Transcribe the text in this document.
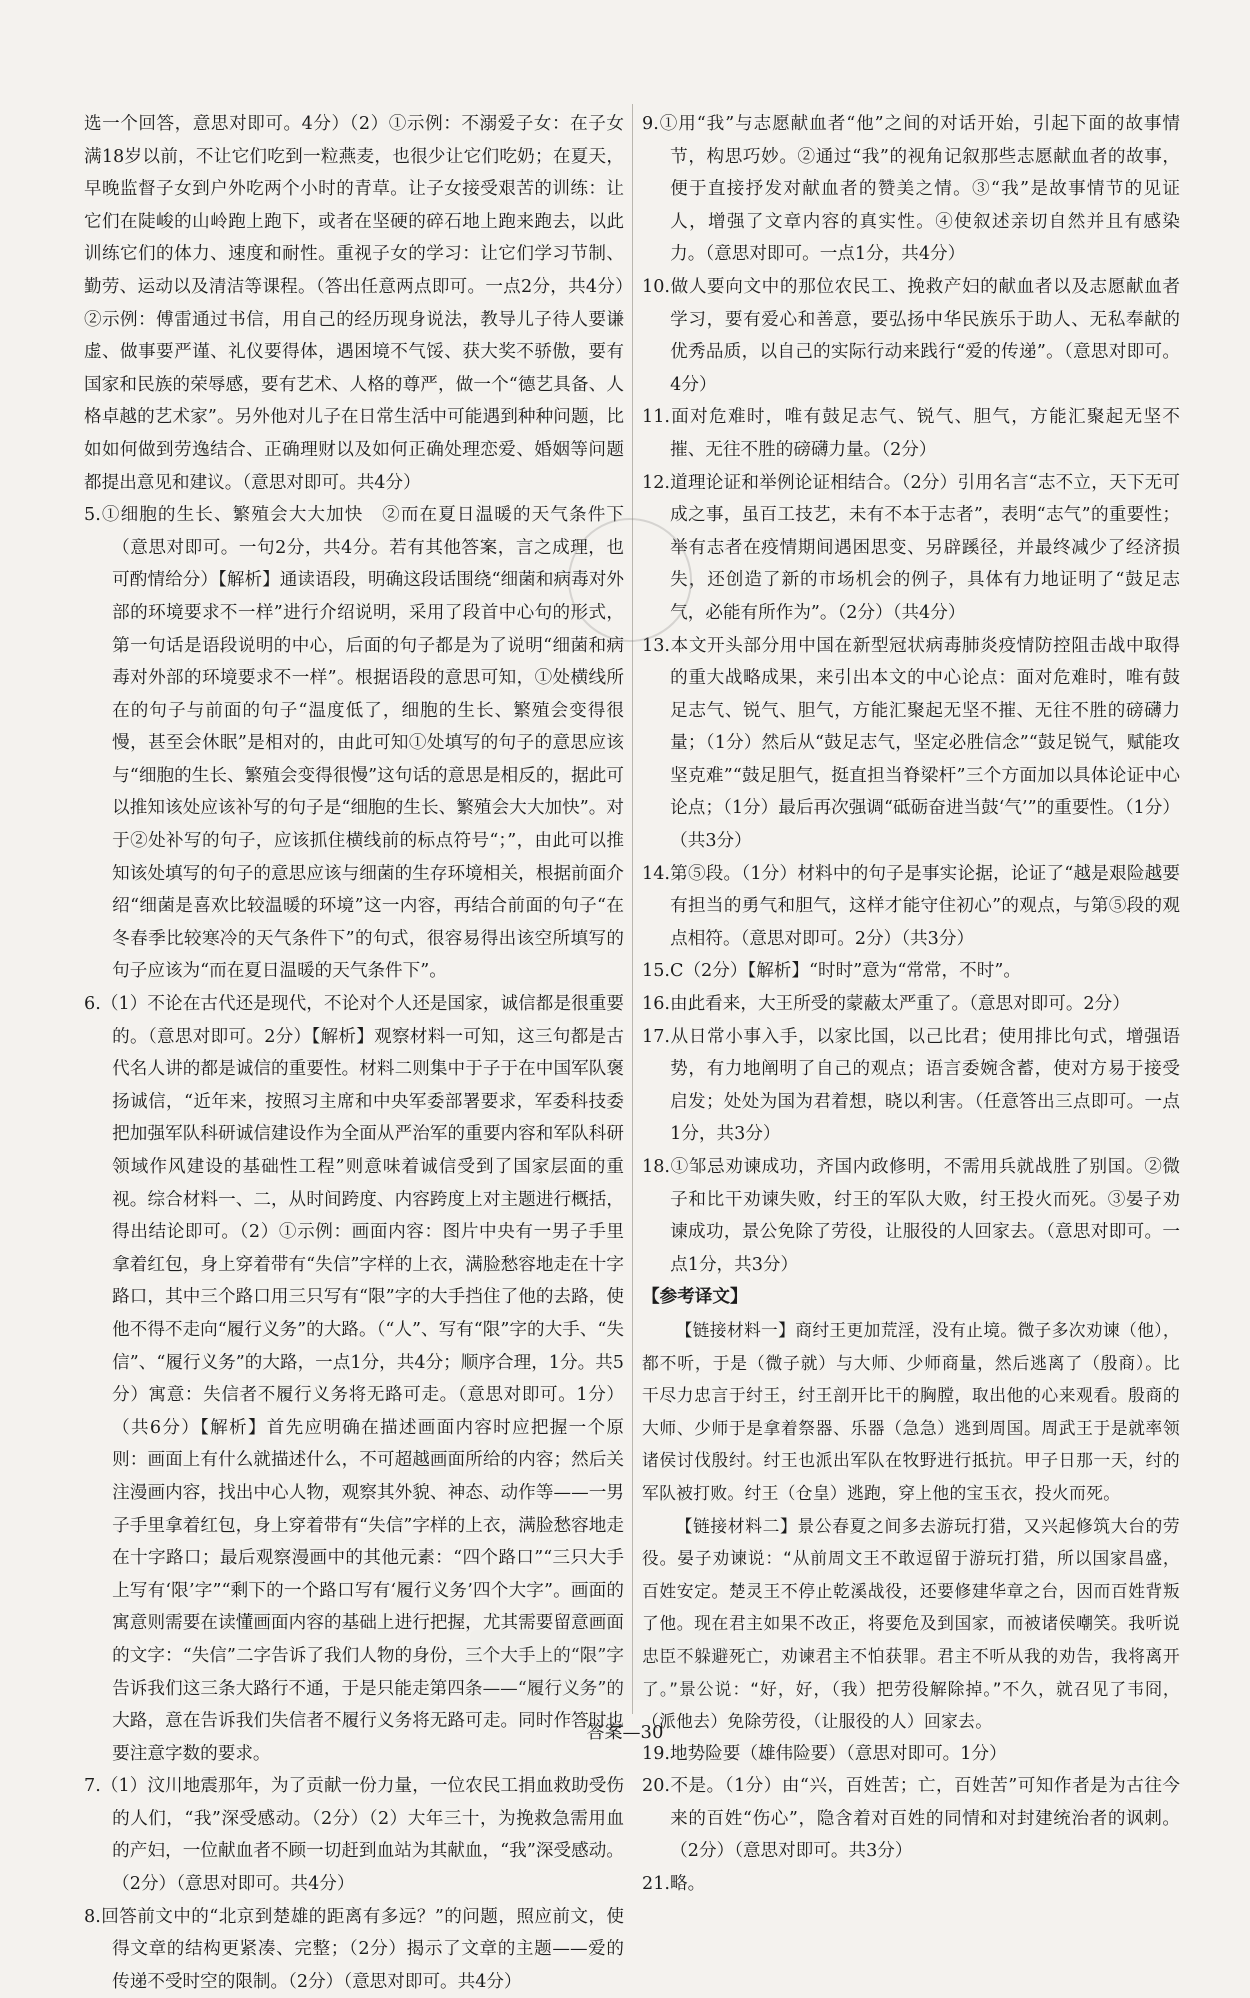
选一个回答，意思对即可。4分）（2）①示例：不溺爱子女：在子女满18岁以前，不让它们吃到一粒燕麦，也很少让它们吃奶；在夏天，早晚监督子女到户外吃两个小时的青草。让子女接受艰苦的训练：让它们在陡峻的山岭跑上跑下，或者在坚硬的碎石地上跑来跑去，以此训练它们的体力、速度和耐性。重视子女的学习：让它们学习节制、勤劳、运动以及清洁等课程。（答出任意两点即可。一点2分，共4分）②示例：傅雷通过书信，用自己的经历现身说法，教导儿子待人要谦虚、做事要严谨、礼仪要得体，遇困境不气馁、获大奖不骄傲，要有国家和民族的荣辱感，要有艺术、人格的尊严，做一个“德艺具备、人格卓越的艺术家”。另外他对儿子在日常生活中可能遇到种种问题，比如如何做到劳逸结合、正确理财以及如何正确处理恋爱、婚姻等问题都提出意见和建议。（意思对即可。共4分）

5.①细胞的生长、繁殖会大大加快　②而在夏日温暖的天气条件下（意思对即可。一句2分，共4分。若有其他答案，言之成理，也可酌情给分）【解析】通读语段，明确这段话围绕“细菌和病毒对外部的环境要求不一样”进行介绍说明，采用了段首中心句的形式，第一句话是语段说明的中心，后面的句子都是为了说明“细菌和病毒对外部的环境要求不一样”。根据语段的意思可知，①处横线所在的句子与前面的句子“温度低了，细胞的生长、繁殖会变得很慢，甚至会休眠”是相对的，由此可知①处填写的句子的意思应该与“细胞的生长、繁殖会变得很慢”这句话的意思是相反的，据此可以推知该处应该补写的句子是“细胞的生长、繁殖会大大加快”。对于②处补写的句子，应该抓住横线前的标点符号“；”，由此可以推知该处填写的句子的意思应该与细菌的生存环境相关，根据前面介绍“细菌是喜欢比较温暖的环境”这一内容，再结合前面的句子“在冬春季比较寒冷的天气条件下”的句式，很容易得出该空所填写的句子应该为“而在夏日温暖的天气条件下”。

6.（1）不论在古代还是现代，不论对个人还是国家，诚信都是很重要的。（意思对即可。2分）【解析】观察材料一可知，这三句都是古代名人讲的都是诚信的重要性。材料二则集中于子于在中国军队褒扬诚信，“近年来，按照习主席和中央军委部署要求，军委科技委把加强军队科研诚信建设作为全面从严治军的重要内容和军队科研领域作风建设的基础性工程”则意味着诚信受到了国家层面的重视。综合材料一、二，从时间跨度、内容跨度上对主题进行概括，得出结论即可。（2）①示例：画面内容：图片中央有一男子手里拿着红包，身上穿着带有“失信”字样的上衣，满脸愁容地走在十字路口，其中三个路口用三只写有“限”字的大手挡住了他的去路，使他不得不走向“履行义务”的大路。（“人”、写有“限”字的大手、“失信”、“履行义务”的大路，一点1分，共4分；顺序合理，1分。共5分）寓意：失信者不履行义务将无路可走。（意思对即可。1分）（共6分）【解析】首先应明确在描述画面内容时应把握一个原则：画面上有什么就描述什么，不可超越画面所给的内容；然后关注漫画内容，找出中心人物，观察其外貌、神态、动作等——一男子手里拿着红包，身上穿着带有“失信”字样的上衣，满脸愁容地走在十字路口；最后观察漫画中的其他元素：“四个路口”“三只大手上写有‘限’字”“剩下的一个路口写有‘履行义务’四个大字”。画面的寓意则需要在读懂画面内容的基础上进行把握，尤其需要留意画面的文字：“失信”二字告诉了我们人物的身份，三个大手上的“限”字告诉我们这三条大路行不通，于是只能走第四条——“履行义务”的大路，意在告诉我们失信者不履行义务将无路可走。同时作答时也要注意字数的要求。

7.（1）汶川地震那年，为了贡献一份力量，一位农民工捐血救助受伤的人们，“我”深受感动。（2分）（2）大年三十，为挽救急需用血的产妇，一位献血者不顾一切赶到血站为其献血，“我”深受感动。（2分）（意思对即可。共4分）

8.回答前文中的“北京到楚雄的距离有多远？”的问题，照应前文，使得文章的结构更紧凑、完整；（2分）揭示了文章的主题——爱的传递不受时空的限制。（2分）（意思对即可。共4分）

9.①用“我”与志愿献血者“他”之间的对话开始，引起下面的故事情节，构思巧妙。②通过“我”的视角记叙那些志愿献血者的故事，便于直接抒发对献血者的赞美之情。③“我”是故事情节的见证人，增强了文章内容的真实性。④使叙述亲切自然并且有感染力。（意思对即可。一点1分，共4分）

10.做人要向文中的那位农民工、挽救产妇的献血者以及志愿献血者学习，要有爱心和善意，要弘扬中华民族乐于助人、无私奉献的优秀品质，以自己的实际行动来践行“爱的传递”。（意思对即可。4分）

11.面对危难时，唯有鼓足志气、锐气、胆气，方能汇聚起无坚不摧、无往不胜的磅礴力量。（2分）

12.道理论证和举例论证相结合。（2分）引用名言“志不立，天下无可成之事，虽百工技艺，未有不本于志者”，表明“志气”的重要性；举有志者在疫情期间遇困思变、另辟蹊径，并最终减少了经济损失，还创造了新的市场机会的例子，具体有力地证明了“鼓足志气，必能有所作为”。（2分）（共4分）

13.本文开头部分用中国在新型冠状病毒肺炎疫情防控阻击战中取得的重大战略成果，来引出本文的中心论点：面对危难时，唯有鼓足志气、锐气、胆气，方能汇聚起无坚不摧、无往不胜的磅礴力量；（1分）然后从“鼓足志气，坚定必胜信念”“鼓足锐气，赋能攻坚克难”“鼓足胆气，挺直担当脊梁杆”三个方面加以具体论证中心论点；（1分）最后再次强调“砥砺奋进当鼓‘气’”的重要性。（1分）（共3分）

14.第⑤段。（1分）材料中的句子是事实论据，论证了“越是艰险越要有担当的勇气和胆气，这样才能守住初心”的观点，与第⑤段的观点相符。（意思对即可。2分）（共3分）

15.C（2分）【解析】“时时”意为“常常，不时”。

16.由此看来，大王所受的蒙蔽太严重了。（意思对即可。2分）

17.从日常小事入手，以家比国，以己比君；使用排比句式，增强语势，有力地阐明了自己的观点；语言委婉含蓄，使对方易于接受启发；处处为国为君着想，晓以利害。（任意答出三点即可。一点1分，共3分）

18.①邹忌劝谏成功，齐国内政修明，不需用兵就战胜了别国。②微子和比干劝谏失败，纣王的军队大败，纣王投火而死。③晏子劝谏成功，景公免除了劳役，让服役的人回家去。（意思对即可。一点1分，共3分）

【参考译文】

【链接材料一】商纣王更加荒淫，没有止境。微子多次劝谏（他），都不听，于是（微子就）与大师、少师商量，然后逃离了（殷商）。比干尽力忠言于纣王，纣王剖开比干的胸膛，取出他的心来观看。殷商的大师、少师于是拿着祭器、乐器（急急）逃到周国。周武王于是就率领诸侯讨伐殷纣。纣王也派出军队在牧野进行抵抗。甲子日那一天，纣的军队被打败。纣王（仓皇）逃跑，穿上他的宝玉衣，投火而死。

【链接材料二】景公春夏之间多去游玩打猎，又兴起修筑大台的劳役。晏子劝谏说：“从前周文王不敢逗留于游玩打猎，所以国家昌盛，百姓安定。楚灵王不停止乾溪战役，还要修建华章之台，因而百姓背叛了他。现在君主如果不改正，将要危及到国家，而被诸侯嘲笑。我听说忠臣不躲避死亡，劝谏君主不怕获罪。君主不听从我的劝告，我将离开了。”景公说：“好，好，（我）把劳役解除掉。”不久，就召见了韦冏，（派他去）免除劳役，（让服役的人）回家去。

19.地势险要（雄伟险要）（意思对即可。1分）

20.不是。（1分）由“兴，百姓苦；亡，百姓苦”可知作者是为古往今来的百姓“伤心”，隐含着对百姓的同情和对封建统治者的讽刺。（2分）（意思对即可。共3分）

21.略。

答案—30
